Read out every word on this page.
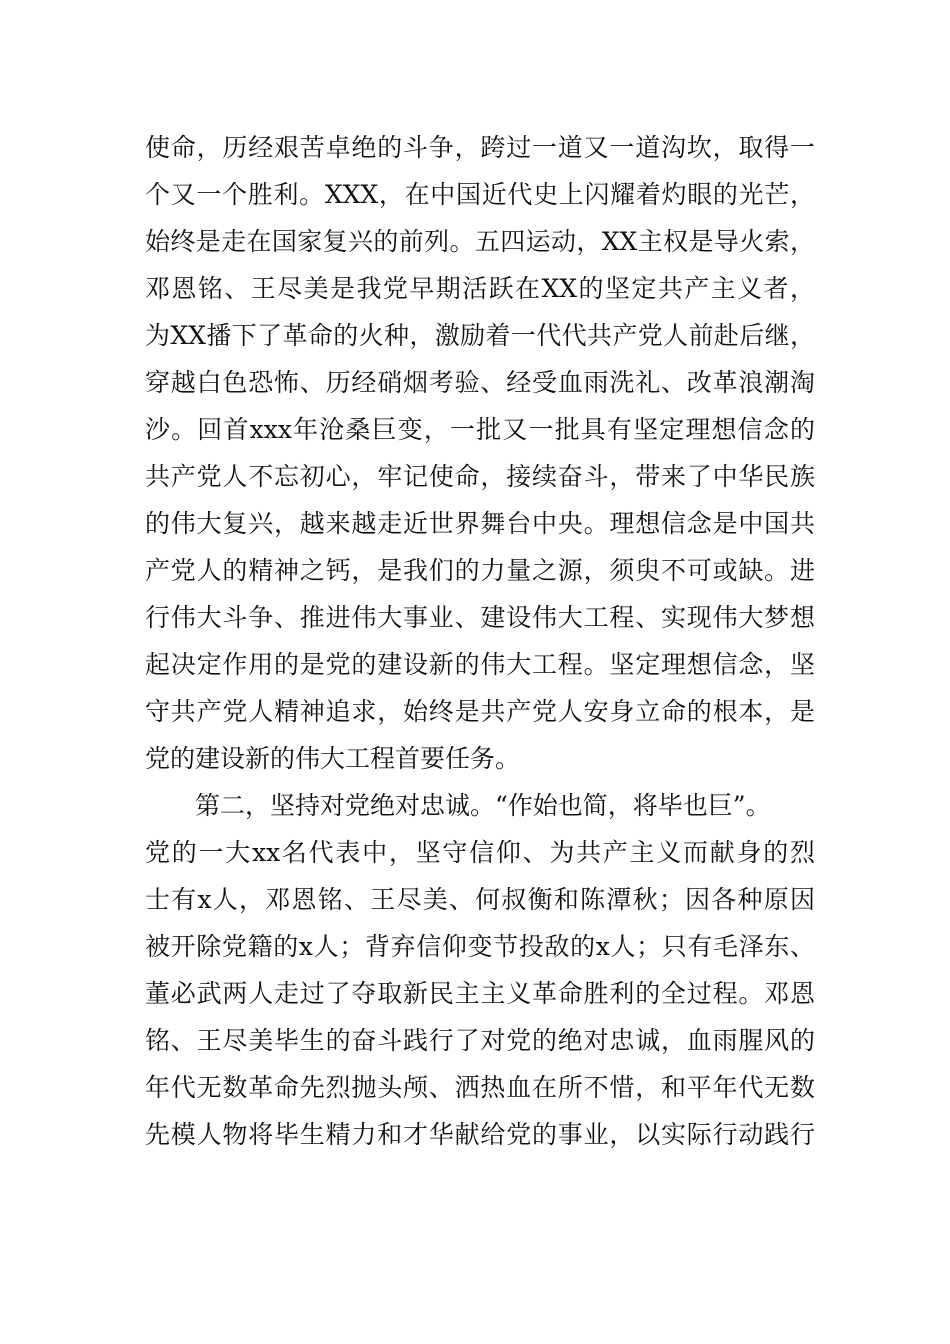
使命，历经艰苦卓绝的斗争，跨过一道又一道沟坎，取得一
个又一个胜利。XXX，在中国近代史上闪耀着灼眼的光芒，
始终是走在国家复兴的前列。五四运动，XX主权是导火索，
邓恩铭、王尽美是我党早期活跃在XX的坚定共产主义者，
为XX播下了革命的火种，激励着一代代共产党人前赴后继，
穿越白色恐怖、历经硝烟考验、经受血雨洗礼、改革浪潮淘
沙。回首xxx年沧桑巨变，一批又一批具有坚定理想信念的
共产党人不忘初心，牢记使命，接续奋斗，带来了中华民族
的伟大复兴，越来越走近世界舞台中央。理想信念是中国共
产党人的精神之钙，是我们的力量之源，须臾不可或缺。进
行伟大斗争、推进伟大事业、建设伟大工程、实现伟大梦想
起决定作用的是党的建设新的伟大工程。坚定理想信念，坚
守共产党人精神追求，始终是共产党人安身立命的根本，是
党的建设新的伟大工程首要任务。
第二，坚持对党绝对忠诚。“作始也简，将毕也巨”。
党的一大xx名代表中，坚守信仰、为共产主义而献身的烈
士有x人，邓恩铭、王尽美、何叔衡和陈潭秋；因各种原因
被开除党籍的x人；背弃信仰变节投敌的x人；只有毛泽东、
董必武两人走过了夺取新民主主义革命胜利的全过程。邓恩
铭、王尽美毕生的奋斗践行了对党的绝对忠诚，血雨腥风的
年代无数革命先烈抛头颅、洒热血在所不惜，和平年代无数
先模人物将毕生精力和才华献给党的事业，以实际行动践行
